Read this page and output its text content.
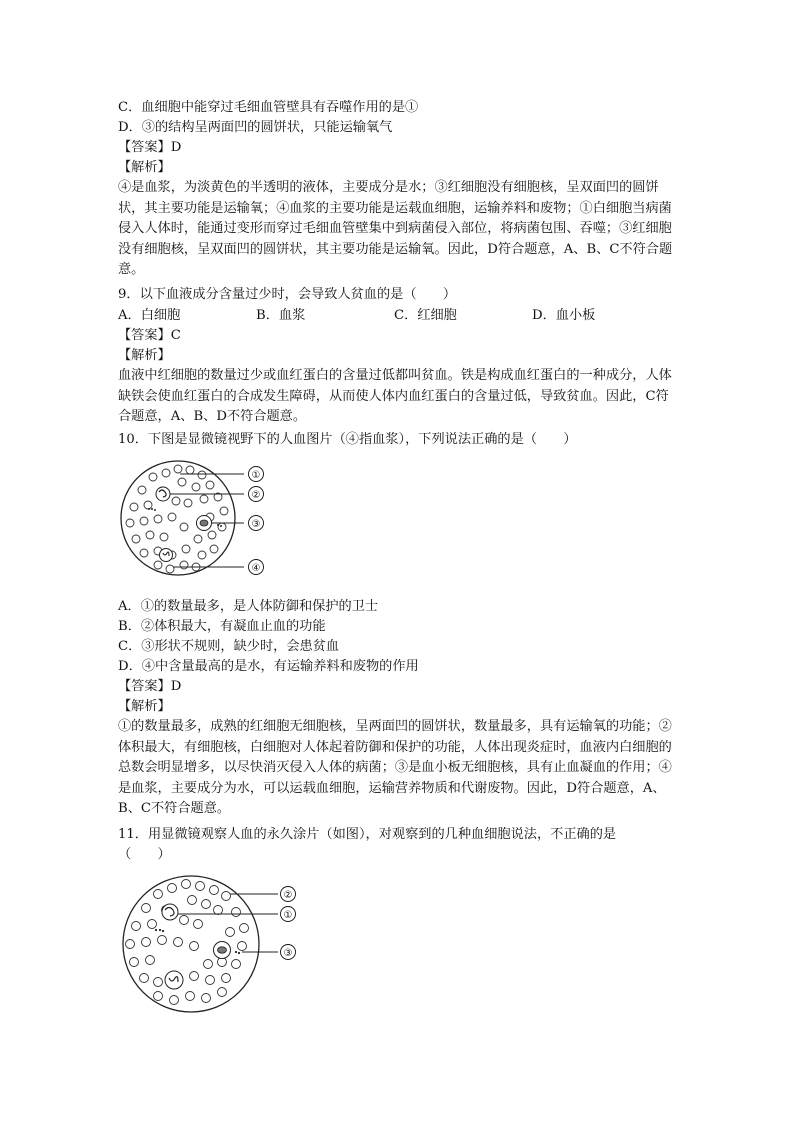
C．血细胞中能穿过毛细血管壁具有吞噬作用的是①
D．③的结构呈两面凹的圆饼状，只能运输氧气
【答案】D
【解析】
④是血浆，为淡黄色的半透明的液体，主要成分是水；③红细胞没有细胞核，呈双面凹的圆饼状，其主要功能是运输氧；④血浆的主要功能是运载血细胞，运输养料和废物；①白细胞当病菌侵入人体时，能通过变形而穿过毛细血管壁集中到病菌侵入部位，将病菌包围、吞噬；③红细胞没有细胞核，呈双面凹的圆饼状，其主要功能是运输氧。因此，D符合题意，A、B、C不符合题意。
9．以下血液成分含量过少时，会导致人贫血的是（　　）
A．白细胞	B．血浆	C．红细胞	D．血小板
【答案】C
【解析】
血液中红细胞的数量过少或血红蛋白的含量过低都叫贫血。铁是构成血红蛋白的一种成分，人体缺铁会使血红蛋白的合成发生障碍，从而使人体内血红蛋白的含量过低，导致贫血。因此，C符合题意，A、B、D不符合题意。
10．下图是显微镜视野下的人血图片（④指血浆），下列说法正确的是（　　）
①
②
③
④
A．①的数量最多，是人体防御和保护的卫士
B．②体积最大，有凝血止血的功能
C．③形状不规则，缺少时，会患贫血
D．④中含量最高的是水，有运输养料和废物的作用
【答案】D
【解析】
①的数量最多，成熟的红细胞无细胞核，呈两面凹的圆饼状，数量最多，具有运输氧的功能；②体积最大，有细胞核，白细胞对人体起着防御和保护的功能，人体出现炎症时，血液内白细胞的总数会明显增多，以尽快消灭侵入人体的病菌；③是血小板无细胞核，具有止血凝血的作用；④是血浆，主要成分为水，可以运载血细胞，运输营养物质和代谢废物。因此，D符合题意，A、B、C不符合题意。
11．用显微镜观察人血的永久涂片（如图），对观察到的几种血细胞说法，不正确的是
（　　）
②
①
③
